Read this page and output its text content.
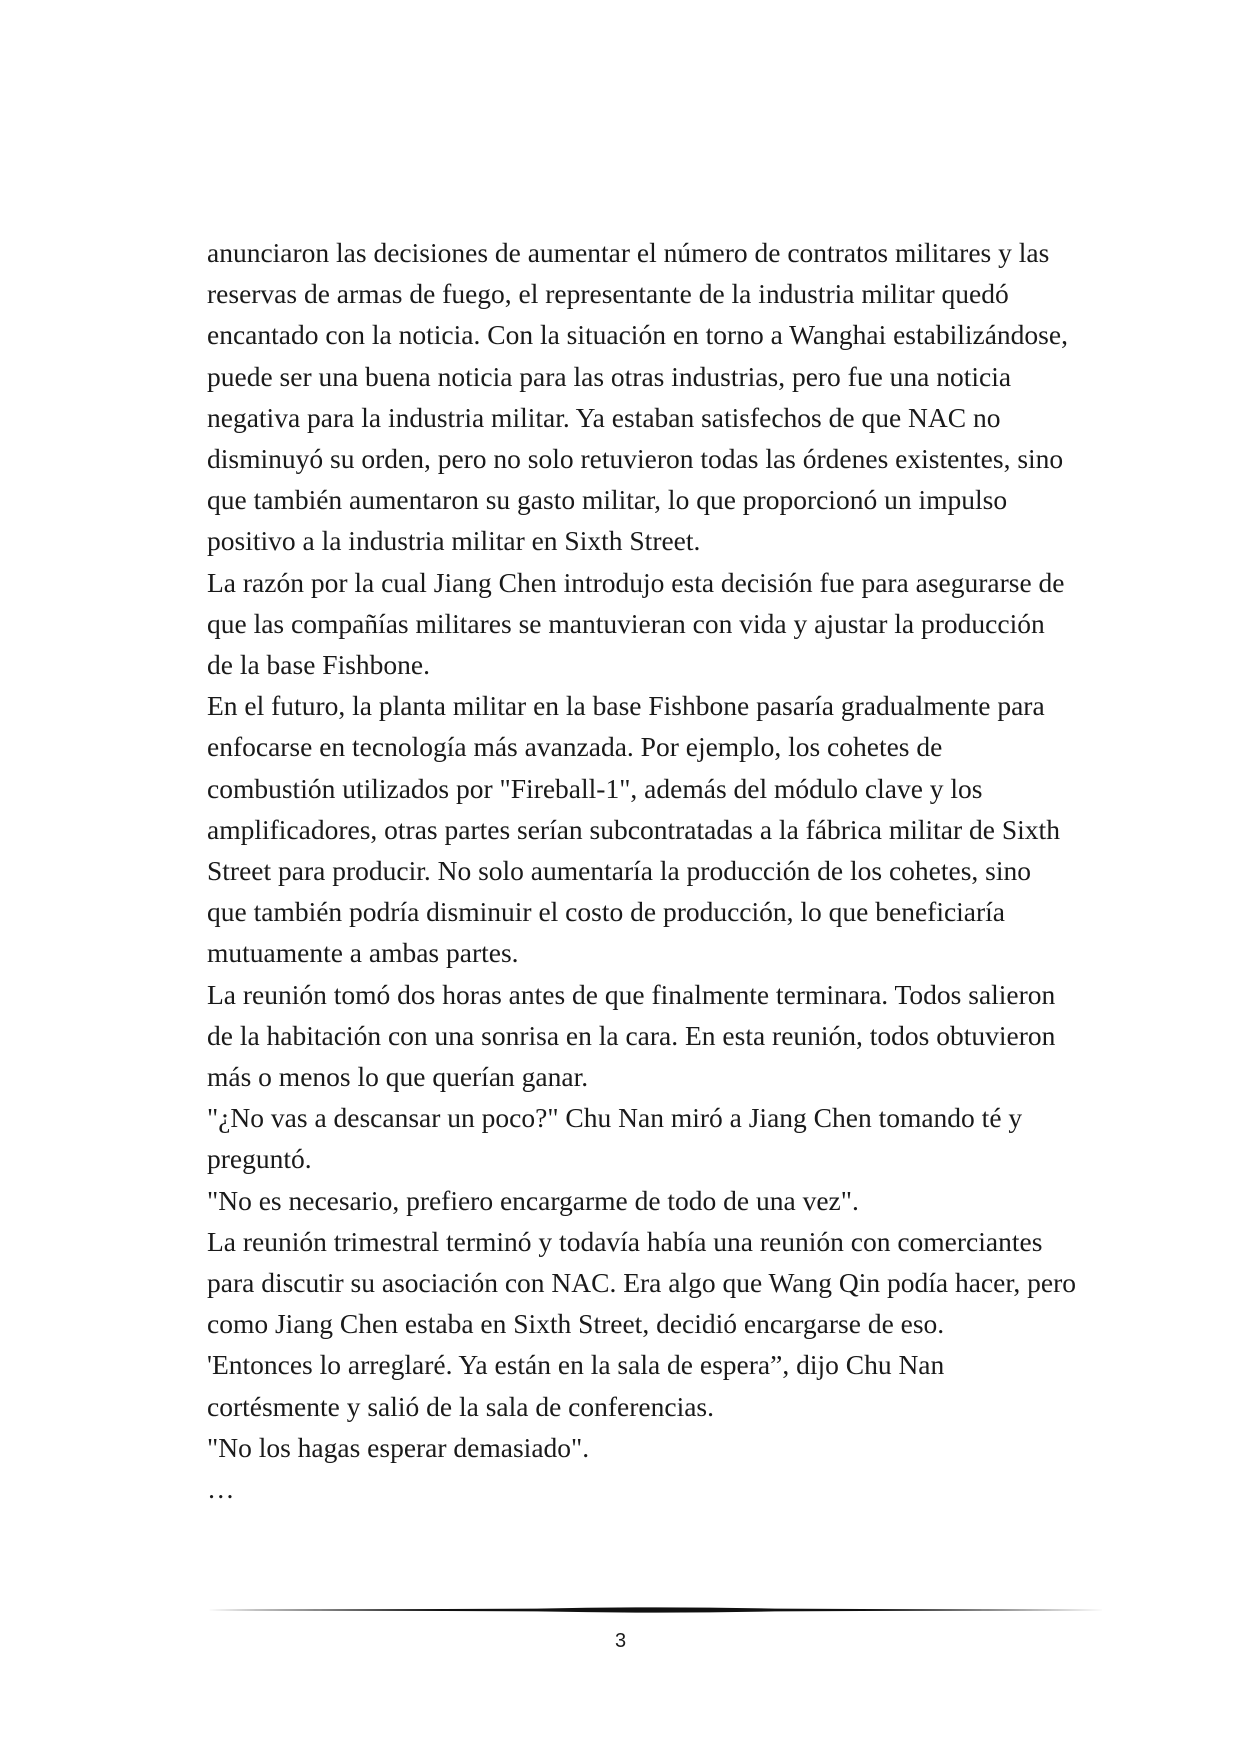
anunciaron las decisiones de aumentar el número de contratos militares y las reservas de armas de fuego, el representante de la industria militar quedó encantado con la noticia. Con la situación en torno a Wanghai estabilizándose, puede ser una buena noticia para las otras industrias, pero fue una noticia negativa para la industria militar. Ya estaban satisfechos de que NAC no disminuyó su orden, pero no solo retuvieron todas las órdenes existentes, sino que también aumentaron su gasto militar, lo que proporcionó un impulso positivo a la industria militar en Sixth Street.

La razón por la cual Jiang Chen introdujo esta decisión fue para asegurarse de que las compañías militares se mantuvieran con vida y ajustar la producción de la base Fishbone.

En el futuro, la planta militar en la base Fishbone pasaría gradualmente para enfocarse en tecnología más avanzada. Por ejemplo, los cohetes de combustión utilizados por "Fireball-1", además del módulo clave y los amplificadores, otras partes serían subcontratadas a la fábrica militar de Sixth Street para producir. No solo aumentaría la producción de los cohetes, sino que también podría disminuir el costo de producción, lo que beneficiaría mutuamente a ambas partes.

La reunión tomó dos horas antes de que finalmente terminara. Todos salieron de la habitación con una sonrisa en la cara. En esta reunión, todos obtuvieron más o menos lo que querían ganar.

"¿No vas a descansar un poco?" Chu Nan miró a Jiang Chen tomando té y preguntó.

"No es necesario, prefiero encargarme de todo de una vez".

La reunión trimestral terminó y todavía había una reunión con comerciantes para discutir su asociación con NAC. Era algo que Wang Qin podía hacer, pero como Jiang Chen estaba en Sixth Street, decidió encargarse de eso.

'Entonces lo arreglaré. Ya están en la sala de espera”, dijo Chu Nan cortésmente y salió de la sala de conferencias.

"No los hagas esperar demasiado".

…

3
